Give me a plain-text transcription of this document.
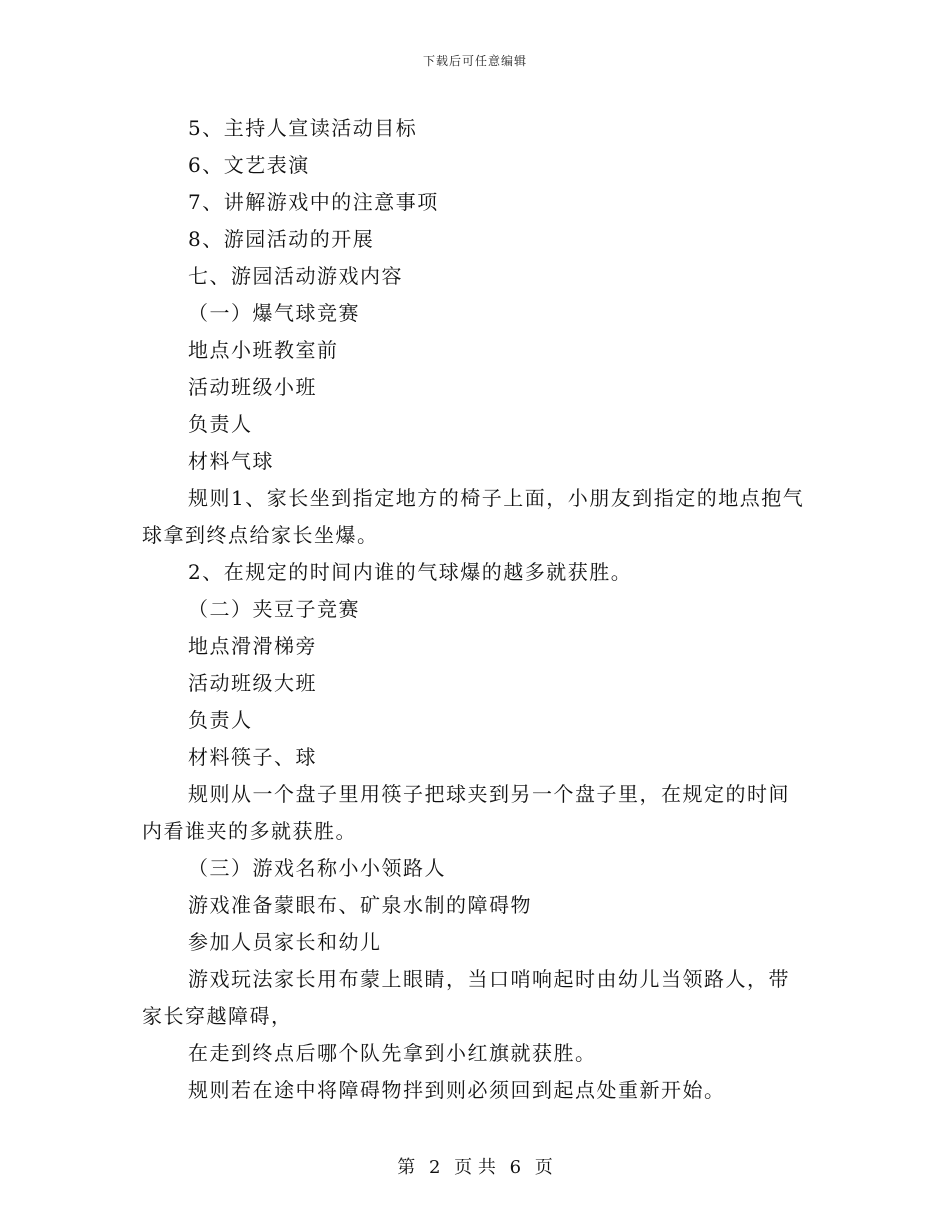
下载后可任意编辑
5、主持人宣读活动目标
6、文艺表演
7、讲解游戏中的注意事项
8、游园活动的开展
七、游园活动游戏内容
（一）爆气球竞赛
地点小班教室前
活动班级小班
负责人
材料气球
规则1、家长坐到指定地方的椅子上面，小朋友到指定的地点抱气
球拿到终点给家长坐爆。
2、在规定的时间内谁的气球爆的越多就获胜。
（二）夹豆子竞赛
地点滑滑梯旁
活动班级大班
负责人
材料筷子、球
规则从一个盘子里用筷子把球夹到另一个盘子里，在规定的时间
内看谁夹的多就获胜。
（三）游戏名称小小领路人
游戏准备蒙眼布、矿泉水制的障碍物
参加人员家长和幼儿
游戏玩法家长用布蒙上眼睛，当口哨响起时由幼儿当领路人，带
家长穿越障碍，
在走到终点后哪个队先拿到小红旗就获胜。
规则若在途中将障碍物拌到则必须回到起点处重新开始。
第 2 页 共 6 页
